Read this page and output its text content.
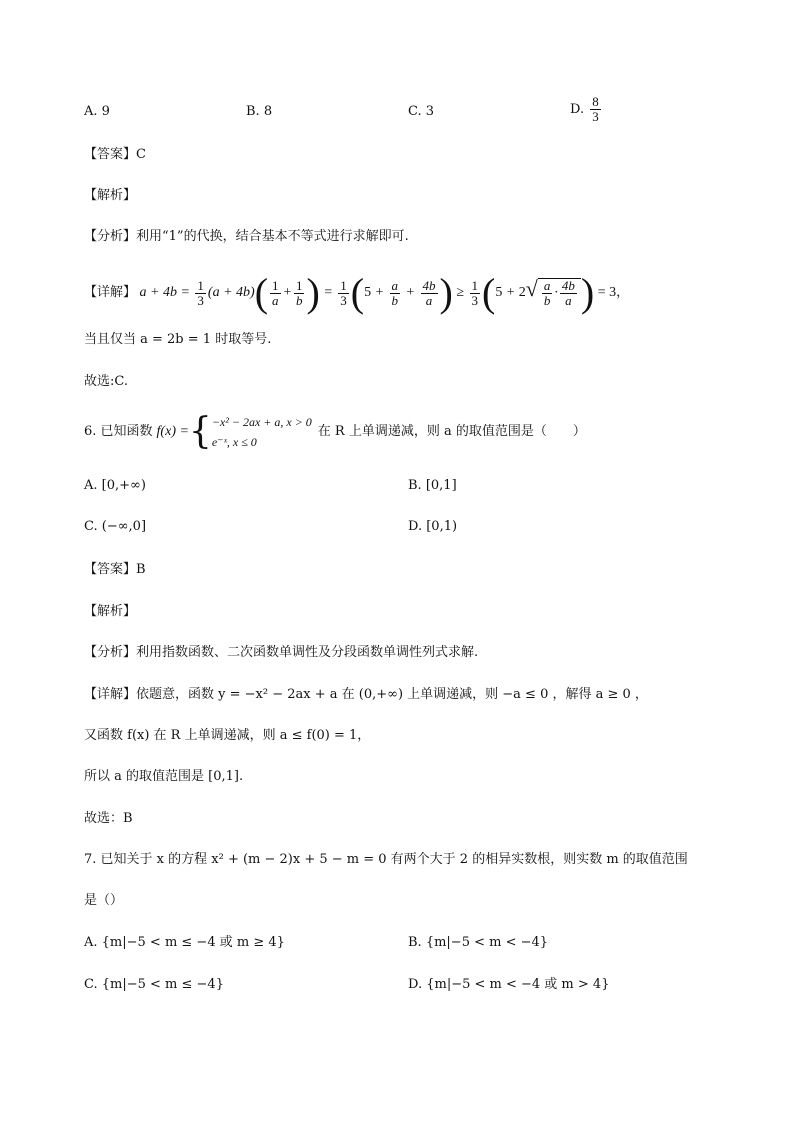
A. 9	B. 8	C. 3	D. $\frac{8}{3}$
【答案】C
【解析】
【分析】利用“1”的代换，结合基本不等式进行求解即可.
【详解】 $a + 4b = \frac{1}{3} (a + 4b)( \frac{1}{a} + \frac{1}{b}$ ) = $\frac{1}{3} (5 + \frac{a}{b} + \frac{4b}{a}$ ) ≥ $\frac{1}{3} (5 + 2√ \frac{a}{b} \cdot \frac{4b}{a}$ ) = 3 ，
当且仅当 a = 2b = 1 时取等号.
故选:C.
6. 已知函数 f(x) = { −x² − 2ax + a, x > 0
e⁻ˣ, x ≤ 0
在 R 上单调递减，则 a 的取值范围是（　　）
A. [0,+∞)	B. [0,1]
C. (−∞,0]	D. [0,1)
【答案】B
【解析】
【分析】利用指数函数、二次函数单调性及分段函数单调性列式求解.
【详解】依题意，函数 y = −x² − 2ax + a 在 (0,+∞) 上单调递减，则 −a ≤ 0 ，解得 a ≥ 0 ，
又函数 f(x) 在 R 上单调递减，则 a ≤ f(0) = 1，
所以 a 的取值范围是 [0,1].
故选：B
7. 已知关于 x 的方程 x² + (m − 2)x + 5 − m = 0 有两个大于 2 的相异实数根，则实数 m 的取值范围
是（）
A. {m|−5 < m ≤ −4 或 m ≥ 4}	B. {m|−5 < m < −4}
C. {m|−5 < m ≤ −4}	D. {m|−5 < m < −4 或 m > 4}
